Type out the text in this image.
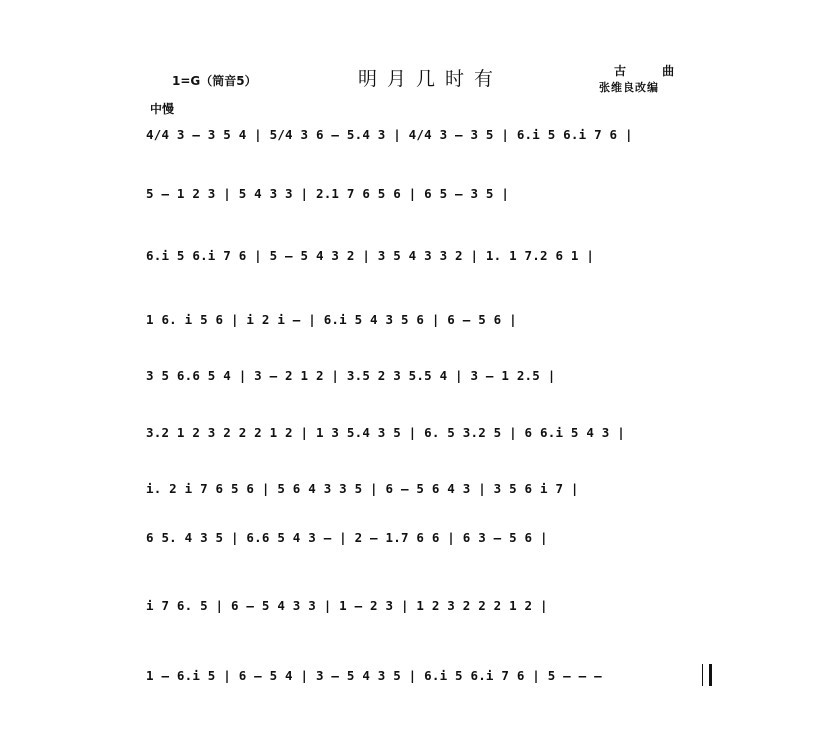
1=G（筒音5）	明月几时有	古 曲
张维良改编
中慢
4/4 3 – 3 5 4 | 5/4 3 6 – 5.4 3 | 4/4 3 – 3 5 | 6.i 5 6.i 7 6 |
5 – 1 2 3 | 5 4 3 3 | 2.1 7 6 5 6 | 6 5 – 3 5 |
6.i 5 6.i 7 6 | 5 – 5 4 3 2 | 3 5 4 3 3 2 | 1. 1 7.2 6 1 |
1 6. i 5 6 | i 2 i – | 6.i 5 4 3 5 6 | 6 – 5 6 |
3 5 6.6 5 4 | 3 – 2 1 2 | 3.5 2 3 5.5 4 | 3 – 1 2.5 |
3.2 1 2 3 2 2 2 1 2 | 1 3 5.4 3 5 | 6. 5 3.2 5 | 6 6.i 5 4 3 |
i. 2 i 7 6 5 6 | 5 6 4 3 3 5 | 6 – 5 6 4 3 | 3 5 6 i 7 |
6 5. 4 3 5 | 6.6 5 4 3 – | 2 – 1.7 6 6 | 6 3 – 5 6 |
i 7 6. 5 | 6 – 5 4 3 3 | 1 – 2 3 | 1 2 3 2 2 2 1 2 |
1 – 6.i 5 | 6 – 5 4 | 3 – 5 4 3 5 | 6.i 5 6.i 7 6 | 5 – – –
